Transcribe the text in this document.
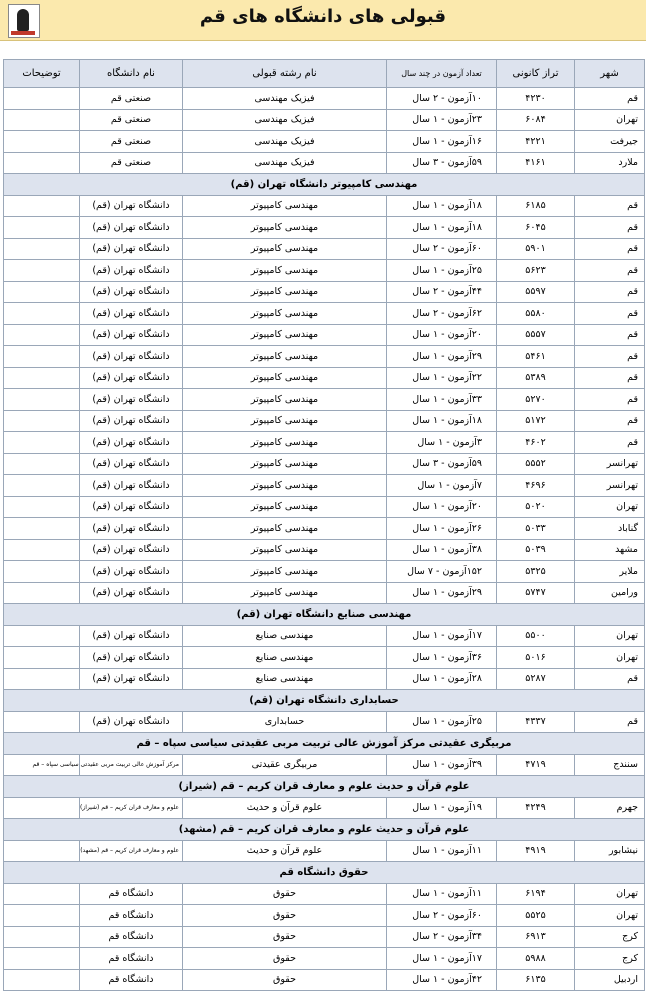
قبولی های دانشگاه های قم
شهر	تراز کانونی	تعداد آزمون در چند سال	نام رشته قبولی	نام دانشگاه	توضیحات
قم	۴۲۳۰	۱۰آزمون - ۲ سال	فیزیک مهندسی	صنعتی قم	
تهران	۶۰۸۴	۲۳آزمون - ۱ سال	فیزیک مهندسی	صنعتی قم	
جیرفت	۴۲۲۱	۱۶آزمون - ۱ سال	فیزیک مهندسی	صنعتی قم	
ملارد	۴۱۶۱	۵۹آزمون - ۳ سال	فیزیک مهندسی	صنعتی قم	
مهندسی کامپیوتر دانشگاه تهران (قم)					
قم	۶۱۸۵	۱۸آزمون - ۱ سال	مهندسی کامپیوتر	دانشگاه تهران (قم)	
قم	۶۰۴۵	۱۸آزمون - ۱ سال	مهندسی کامپیوتر	دانشگاه تهران (قم)	
قم	۵۹۰۱	۶۰آزمون - ۲ سال	مهندسی کامپیوتر	دانشگاه تهران (قم)	
قم	۵۶۲۳	۲۵آزمون - ۱ سال	مهندسی کامپیوتر	دانشگاه تهران (قم)	
قم	۵۵۹۷	۴۴آزمون - ۲ سال	مهندسی کامپیوتر	دانشگاه تهران (قم)	
قم	۵۵۸۰	۶۲آزمون - ۲ سال	مهندسی کامپیوتر	دانشگاه تهران (قم)	
قم	۵۵۵۷	۲۰آزمون - ۱ سال	مهندسی کامپیوتر	دانشگاه تهران (قم)	
قم	۵۴۶۱	۲۹آزمون - ۱ سال	مهندسی کامپیوتر	دانشگاه تهران (قم)	
قم	۵۳۸۹	۲۲آزمون - ۱ سال	مهندسی کامپیوتر	دانشگاه تهران (قم)	
قم	۵۲۷۰	۳۳آزمون - ۱ سال	مهندسی کامپیوتر	دانشگاه تهران (قم)	
قم	۵۱۷۲	۱۸آزمون - ۱ سال	مهندسی کامپیوتر	دانشگاه تهران (قم)	
قم	۴۶۰۲	۳آزمون - ۱ سال	مهندسی کامپیوتر	دانشگاه تهران (قم)	
تهرانسر	۵۵۵۲	۵۹آزمون - ۳ سال	مهندسی کامپیوتر	دانشگاه تهران (قم)	
تهرانسر	۴۶۹۶	۷آزمون - ۱ سال	مهندسی کامپیوتر	دانشگاه تهران (قم)	
تهران	۵۰۲۰	۲۰آزمون - ۱ سال	مهندسی کامپیوتر	دانشگاه تهران (قم)	
گناباد	۵۰۳۳	۲۶آزمون - ۱ سال	مهندسی کامپیوتر	دانشگاه تهران (قم)	
مشهد	۵۰۳۹	۳۸آزمون - ۱ سال	مهندسی کامپیوتر	دانشگاه تهران (قم)	
ملایر	۵۳۲۵	۱۵۲آزمون - ۷ سال	مهندسی کامپیوتر	دانشگاه تهران (قم)	
ورامین	۵۷۴۷	۲۹آزمون - ۱ سال	مهندسی کامپیوتر	دانشگاه تهران (قم)	
مهندسی صنایع دانشگاه تهران (قم)					
تهران	۵۵۰۰	۱۷آزمون - ۱ سال	مهندسی صنایع	دانشگاه تهران (قم)	
تهران	۵۰۱۶	۳۶آزمون - ۱ سال	مهندسی صنایع	دانشگاه تهران (قم)	
قم	۵۲۸۷	۲۸آزمون - ۱ سال	مهندسی صنایع	دانشگاه تهران (قم)	
حسابداری دانشگاه تهران (قم)					
قم	۴۳۳۷	۲۵آزمون - ۱ سال	حسابداری	دانشگاه تهران (قم)	
مربیگری عقیدتی مرکز آموزش عالی تربیت مربی عقیدتی سیاسی سپاه – قم					
سنندج	۴۷۱۹	۳۹آزمون - ۱ سال	مربیگری عقیدتی	مرکز آموزش عالی تربیت مربی عقیدتی سیاسی سپاه – قم	
علوم قرآن و حدیث علوم و معارف قران کریم – قم (شیراز)					
جهرم	۴۲۴۹	۱۹آزمون - ۱ سال	علوم قرآن و حدیث	علوم و معارف قران کریم – قم (شیراز)	
علوم قرآن و حدیث علوم و معارف قران کریم – قم (مشهد)					
نیشابور	۴۹۱۹	۱۱آزمون - ۱ سال	علوم قرآن و حدیث	علوم و معارف قران کریم – قم (مشهد)	
حقوق دانشگاه قم					
تهران	۶۱۹۴	۱۱آزمون - ۱ سال	حقوق	دانشگاه قم	
تهران	۵۵۲۵	۶۰آزمون - ۲ سال	حقوق	دانشگاه قم	
کرج	۶۹۱۳	۳۴آزمون - ۲ سال	حقوق	دانشگاه قم	
کرج	۵۹۸۸	۱۷آزمون - ۱ سال	حقوق	دانشگاه قم	
اردبیل	۶۱۳۵	۴۲آزمون - ۱ سال	حقوق	دانشگاه قم	
